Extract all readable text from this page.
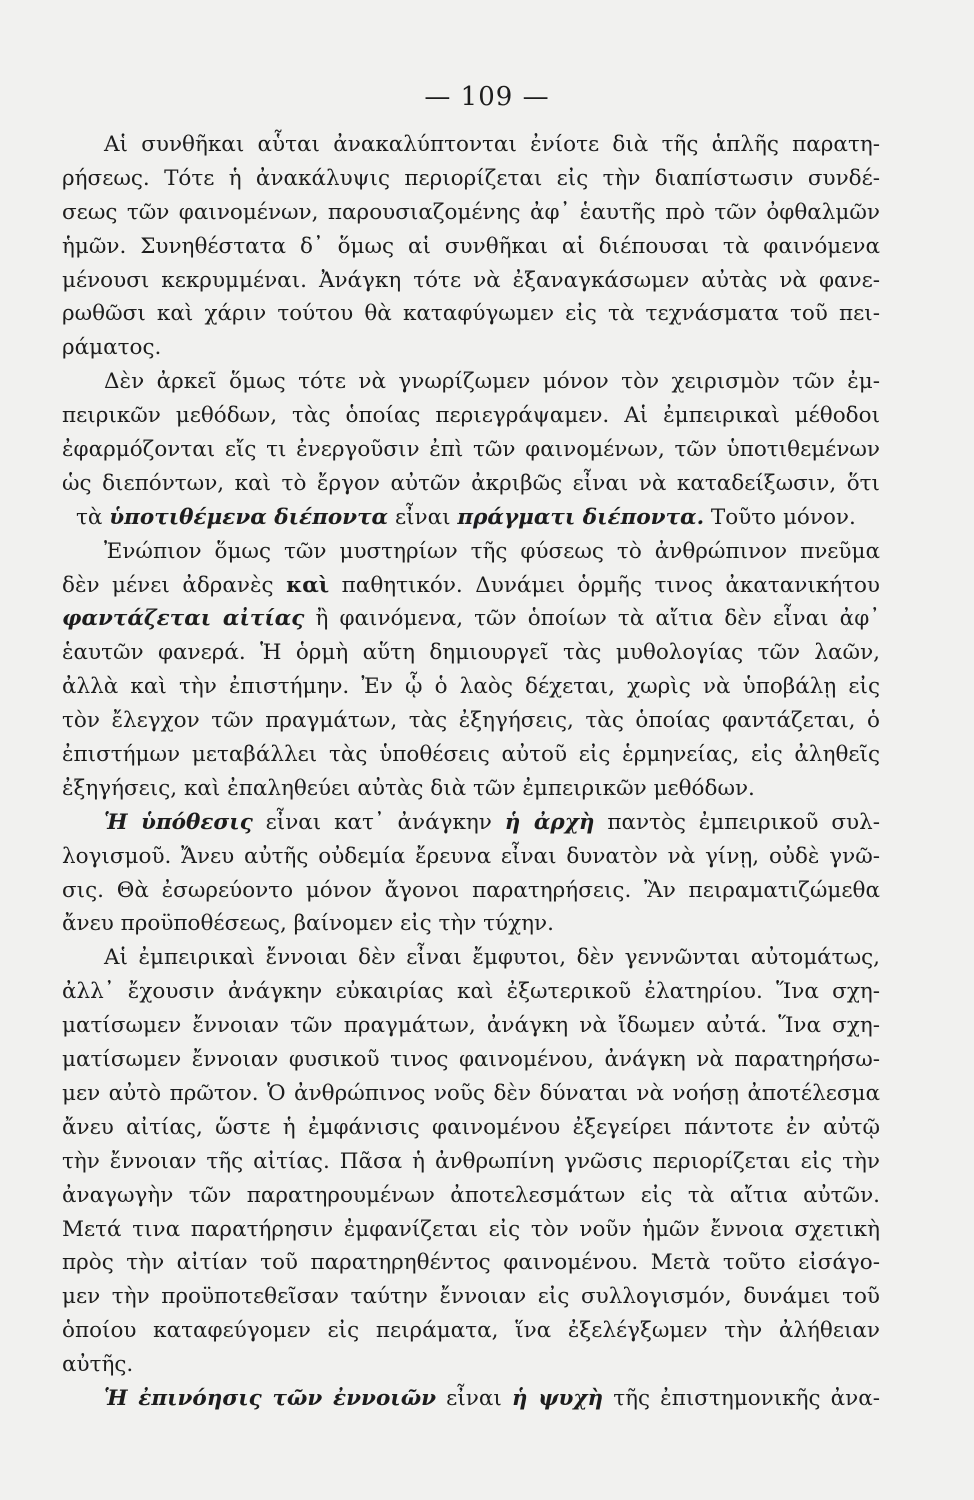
— 109 —
Αἱ συνθῆκαι αὗται ἀνακαλύπτονται ἐνίοτε διὰ τῆς ἁπλῆς παρατη-
ρήσεως. Τότε ἡ ἀνακάλυψις περιορίζεται εἰς τὴν διαπίστωσιν συνδέ-
σεως τῶν φαινομένων, παρουσιαζομένης ἀφ᾿ ἑαυτῆς πρὸ τῶν ὀφθαλμῶν
ἡμῶν. Συνηθέστατα δ᾿ ὅμως αἱ συνθῆκαι αἱ διέπουσαι τὰ φαινόμενα
μένουσι κεκρυμμέναι. Ἀνάγκη τότε νὰ ἐξαναγκάσωμεν αὐτὰς νὰ φανε-
ρωθῶσι καὶ χάριν τούτου θὰ καταφύγωμεν εἰς τὰ τεχνάσματα τοῦ πει-
ράματος.
Δὲν ἀρκεῖ ὅμως τότε νὰ γνωρίζωμεν μόνον τὸν χειρισμὸν τῶν ἐμ-
πειρικῶν μεθόδων, τὰς ὁποίας περιεγράψαμεν. Αἱ ἐμπειρικαὶ μέθοδοι
ἐφαρμόζονται εἴς τι ἐνεργοῦσιν ἐπὶ τῶν φαινομένων, τῶν ὑποτιθεμένων
ὡς διεπόντων, καὶ τὸ ἔργον αὐτῶν ἀκριβῶς εἶναι νὰ καταδείξωσιν, ὅτι
τὰ ὑποτιθέμενα διέποντα εἶναι πράγματι διέποντα. Τοῦτο μόνον.
Ἐνώπιον ὅμως τῶν μυστηρίων τῆς φύσεως τὸ ἀνθρώπινον πνεῦμα
δὲν μένει ἀδρανὲς καὶ παθητικόν. Δυνάμει ὁρμῆς τινος ἀκατανικήτου
φαντάζεται αἰτίας ἢ φαινόμενα, τῶν ὁποίων τὰ αἴτια δὲν εἶναι ἀφ᾿
ἑαυτῶν φανερά. Ἡ ὁρμὴ αὕτη δημιουργεῖ τὰς μυθολογίας τῶν λαῶν,
ἀλλὰ καὶ τὴν ἐπιστήμην. Ἐν ᾧ ὁ λαὸς δέχεται, χωρὶς νὰ ὑποβάλῃ εἰς
τὸν ἔλεγχον τῶν πραγμάτων, τὰς ἐξηγήσεις, τὰς ὁποίας φαντάζεται, ὁ
ἐπιστήμων μεταβάλλει τὰς ὑποθέσεις αὐτοῦ εἰς ἑρμηνείας, εἰς ἀληθεῖς
ἐξηγήσεις, καὶ ἐπαληθεύει αὐτὰς διὰ τῶν ἐμπειρικῶν μεθόδων.
Ἡ ὑπόθεσις εἶναι κατ᾿ ἀνάγκην ἡ ἀρχὴ παντὸς ἐμπειρικοῦ συλ-
λογισμοῦ. Ἄνευ αὐτῆς οὐδεμία ἔρευνα εἶναι δυνατὸν νὰ γίνῃ, οὐδὲ γνῶ-
σις. Θὰ ἐσωρεύοντο μόνον ἄγονοι παρατηρήσεις. Ἂν πειραματιζώμεθα
ἄνευ προϋποθέσεως, βαίνομεν εἰς τὴν τύχην.
Αἱ ἐμπειρικαὶ ἔννοιαι δὲν εἶναι ἔμφυτοι, δὲν γεννῶνται αὐτομάτως,
ἀλλ᾿ ἔχουσιν ἀνάγκην εὐκαιρίας καὶ ἐξωτερικοῦ ἐλατηρίου. Ἵνα σχη-
ματίσωμεν ἔννοιαν τῶν πραγμάτων, ἀνάγκη νὰ ἴδωμεν αὐτά. Ἵνα σχη-
ματίσωμεν ἔννοιαν φυσικοῦ τινος φαινομένου, ἀνάγκη νὰ παρατηρήσω-
μεν αὐτὸ πρῶτον. Ὁ ἀνθρώπινος νοῦς δὲν δύναται νὰ νοήσῃ ἀποτέλεσμα
ἄνευ αἰτίας, ὥστε ἡ ἐμφάνισις φαινομένου ἐξεγείρει πάντοτε ἐν αὐτῷ
τὴν ἔννοιαν τῆς αἰτίας. Πᾶσα ἡ ἀνθρωπίνη γνῶσις περιορίζεται εἰς τὴν
ἀναγωγὴν τῶν παρατηρουμένων ἀποτελεσμάτων εἰς τὰ αἴτια αὐτῶν.
Μετά τινα παρατήρησιν ἐμφανίζεται εἰς τὸν νοῦν ἡμῶν ἔννοια σχετικὴ
πρὸς τὴν αἰτίαν τοῦ παρατηρηθέντος φαινομένου. Μετὰ τοῦτο εἰσάγο-
μεν τὴν προϋποτεθεῖσαν ταύτην ἔννοιαν εἰς συλλογισμόν, δυνάμει τοῦ
ὁποίου καταφεύγομεν εἰς πειράματα, ἵνα ἐξελέγξωμεν τὴν ἀλήθειαν
αὐτῆς.
Ἡ ἐπινόησις τῶν ἐννοιῶν εἶναι ἡ ψυχὴ τῆς ἐπιστημονικῆς ἀνα-
